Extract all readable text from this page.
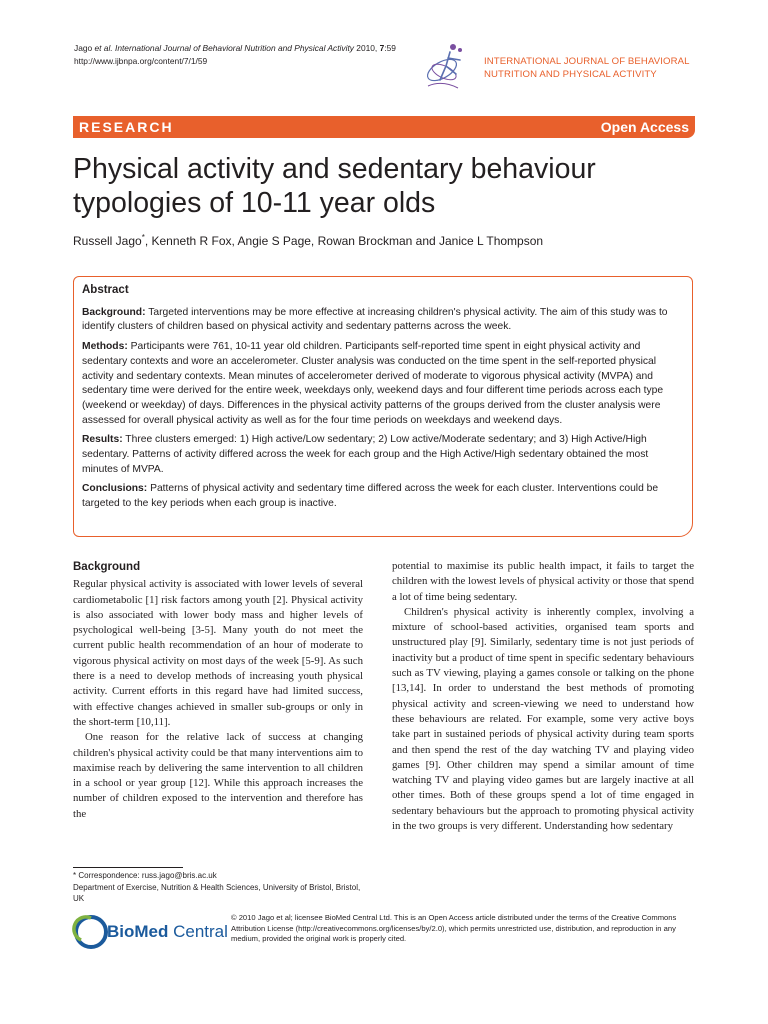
Jago et al. International Journal of Behavioral Nutrition and Physical Activity 2010, 7:59
http://www.ijbnpa.org/content/7/1/59	INTERNATIONAL JOURNAL OF BEHAVIORAL
NUTRITION AND PHYSICAL ACTIVITY
RESEARCH	Open Access
Physical activity and sedentary behaviour typologies of 10-11 year olds
Russell Jago*, Kenneth R Fox, Angie S Page, Rowan Brockman and Janice L Thompson
Abstract

Background: Targeted interventions may be more effective at increasing children's physical activity. The aim of this study was to identify clusters of children based on physical activity and sedentary patterns across the week.

Methods: Participants were 761, 10-11 year old children. Participants self-reported time spent in eight physical activity and sedentary contexts and wore an accelerometer. Cluster analysis was conducted on the time spent in the self-reported physical activity and sedentary contexts. Mean minutes of accelerometer derived of moderate to vigorous physical activity (MVPA) and sedentary time were derived for the entire week, weekdays only, weekend days and four different time periods across each type (weekend or weekday) of days. Differences in the physical activity patterns of the groups derived from the cluster analysis were assessed for overall physical activity as well as for the four time periods on weekdays and weekend days.

Results: Three clusters emerged: 1) High active/Low sedentary; 2) Low active/Moderate sedentary; and 3) High Active/High sedentary. Patterns of activity differed across the week for each group and the High Active/High sedentary obtained the most minutes of MVPA.

Conclusions: Patterns of physical activity and sedentary time differed across the week for each cluster. Interventions could be targeted to the key periods when each group is inactive.

Background

Regular physical activity is associated with lower levels of several cardiometabolic [1] risk factors among youth [2]. Physical activity is also associated with lower body mass and higher levels of psychological well-being [3-5]. Many youth do not meet the current public health recommendation of an hour of moderate to vigorous physical activity on most days of the week [5-9]. As such there is a need to develop methods of increasing youth physical activity. Current efforts in this regard have had limited success, with effective changes achieved in smaller sub-groups or only in the short-term [10,11].

One reason for the relative lack of success at changing children's physical activity could be that many interventions aim to maximise reach by delivering the same intervention to all children in a school or year group [12]. While this approach increases the number of children exposed to the intervention and therefore has the

potential to maximise its public health impact, it fails to target the children with the lowest levels of physical activity or those that spend a lot of time being sedentary.

Children's physical activity is inherently complex, involving a mixture of school-based activities, organised team sports and unstructured play [9]. Similarly, sedentary time is not just periods of inactivity but a product of time spent in specific sedentary behaviours such as TV viewing, playing a games console or talking on the phone [13,14]. In order to understand the best methods of promoting physical activity and screen-viewing we need to understand how these behaviours are related. For example, some very active boys take part in sustained periods of physical activity during team sports and then spend the rest of the day watching TV and playing video games [9]. Other children may spend a similar amount of time watching TV and playing video games but are largely inactive at all other times. Both of these groups spend a lot of time engaged in sedentary behaviours but the approach to promoting physical activity in the two groups is very different. Understanding how sedentary

* Correspondence: russ.jago@bris.ac.uk

Department of Exercise, Nutrition & Health Sciences, University of Bristol, Bristol, UK

BioMed Central
© 2010 Jago et al; licensee BioMed Central Ltd. This is an Open Access article distributed under the terms of the Creative Commons Attribution License (http://creativecommons.org/licenses/by/2.0), which permits unrestricted use, distribution, and reproduction in any medium, provided the original work is properly cited.
